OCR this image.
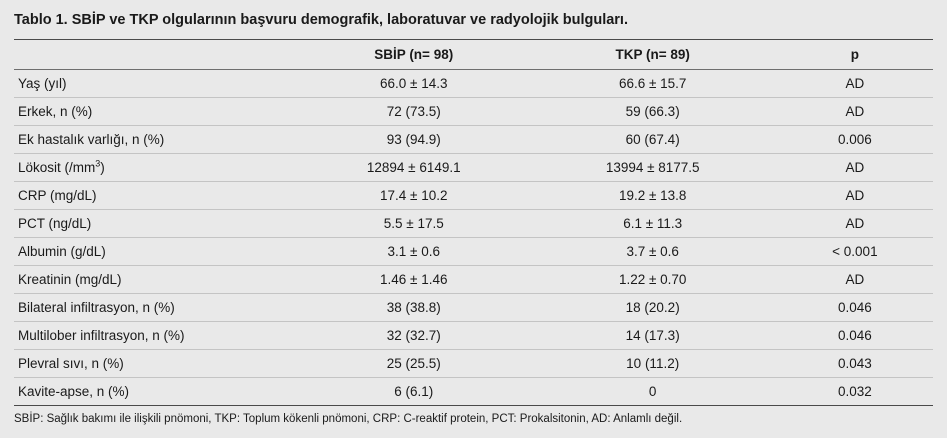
Tablo 1. SBİP ve TKP olgularının başvuru demografik, laboratuvar ve radyolojik bulguları.
	SBİP (n= 98)	TKP (n= 89)	p
Yaş (yıl)	66.0 ± 14.3	66.6 ± 15.7	AD
Erkek, n (%)	72 (73.5)	59 (66.3)	AD
Ek hastalık varlığı, n (%)	93 (94.9)	60 (67.4)	0.006
Lökosit $(/mm^3)$	12894 ± 6149.1	13994 ± 8177.5	AD
CRP (mg/dL)	17.4 ± 10.2	19.2 ± 13.8	AD
PCT (ng/dL)	5.5 ± 17.5	6.1 ± 11.3	AD
Albumin (g/dL)	3.1 ± 0.6	3.7 ± 0.6	< 0.001
Kreatinin (mg/dL)	1.46 ± 1.46	1.22 ± 0.70	AD
Bilateral infiltrasyon, n (%)	38 (38.8)	18 (20.2)	0.046
Multilober infiltrasyon, n (%)	32 (32.7)	14 (17.3)	0.046
Plevral sıvı, n (%)	25 (25.5)	10 (11.2)	0.043
Kavite-apse, n (%)	6 (6.1)	0	0.032
SBİP: Sağlık bakımı ile ilişkili pnömoni, TKP: Toplum kökenli pnömoni, CRP: C-reaktif protein, PCT: Prokalsitonin, AD: Anlamlı değil.
